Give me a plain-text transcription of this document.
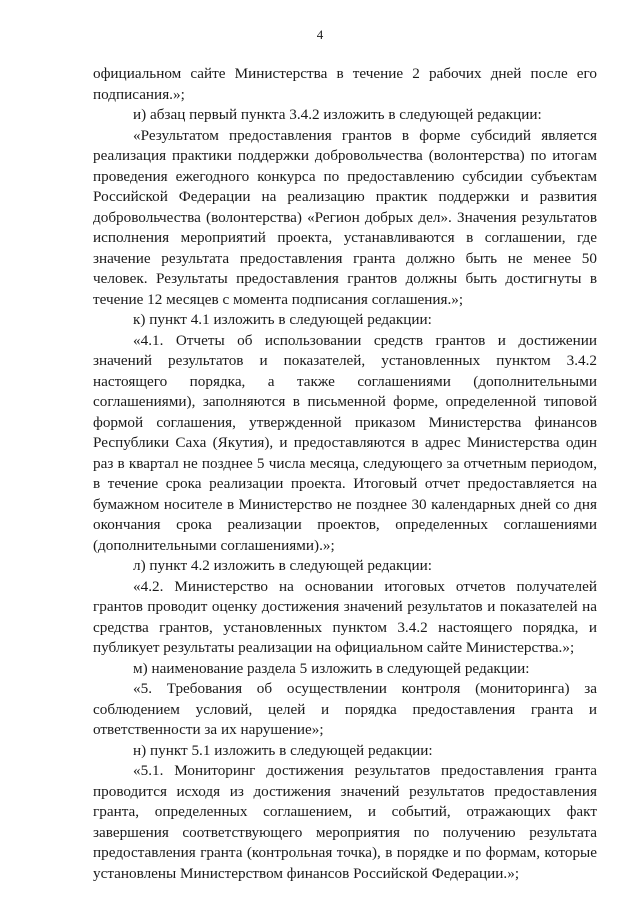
4

официальном сайте Министерства в течение 2 рабочих дней после его подписания.»;

и) абзац первый пункта 3.4.2 изложить в следующей редакции:

«Результатом предоставления грантов в форме субсидий является реализация практики поддержки добровольчества (волонтерства) по итогам проведения ежегодного конкурса по предоставлению субсидии субъектам Российской Федерации на реализацию практик поддержки и развития добровольчества (волонтерства) «Регион добрых дел». Значения результатов исполнения мероприятий проекта, устанавливаются в соглашении, где значение результата предоставления гранта должно быть не менее 50 человек. Результаты предоставления грантов должны быть достигнуты в течение 12 месяцев с момента подписания соглашения.»;

к) пункт 4.1 изложить в следующей редакции:

«4.1. Отчеты об использовании средств грантов и достижении значений результатов и показателей, установленных пунктом 3.4.2 настоящего порядка, а также соглашениями (дополнительными соглашениями), заполняются в письменной форме, определенной типовой формой соглашения, утвержденной приказом Министерства финансов Республики Саха (Якутия), и предоставляются в адрес Министерства один раз в квартал не позднее 5 числа месяца, следующего за отчетным периодом, в течение срока реализации проекта. Итоговый отчет предоставляется на бумажном носителе в Министерство не позднее 30 календарных дней со дня окончания срока реализации проектов, определенных соглашениями (дополнительными соглашениями).»;

л) пункт 4.2 изложить в следующей редакции:

«4.2. Министерство на основании итоговых отчетов получателей грантов проводит оценку достижения значений результатов и показателей на средства грантов, установленных пунктом 3.4.2 настоящего порядка, и публикует результаты реализации на официальном сайте Министерства.»;

м) наименование раздела 5 изложить в следующей редакции:

«5. Требования об осуществлении контроля (мониторинга) за соблюдением условий, целей и порядка предоставления гранта и ответственности за их нарушение»;

н) пункт 5.1 изложить в следующей редакции:

«5.1. Мониторинг достижения результатов предоставления гранта проводится исходя из достижения значений результатов предоставления гранта, определенных соглашением, и событий, отражающих факт завершения соответствующего мероприятия по получению результата предоставления гранта (контрольная точка), в порядке и по формам, которые установлены Министерством финансов Российской Федерации.»;
